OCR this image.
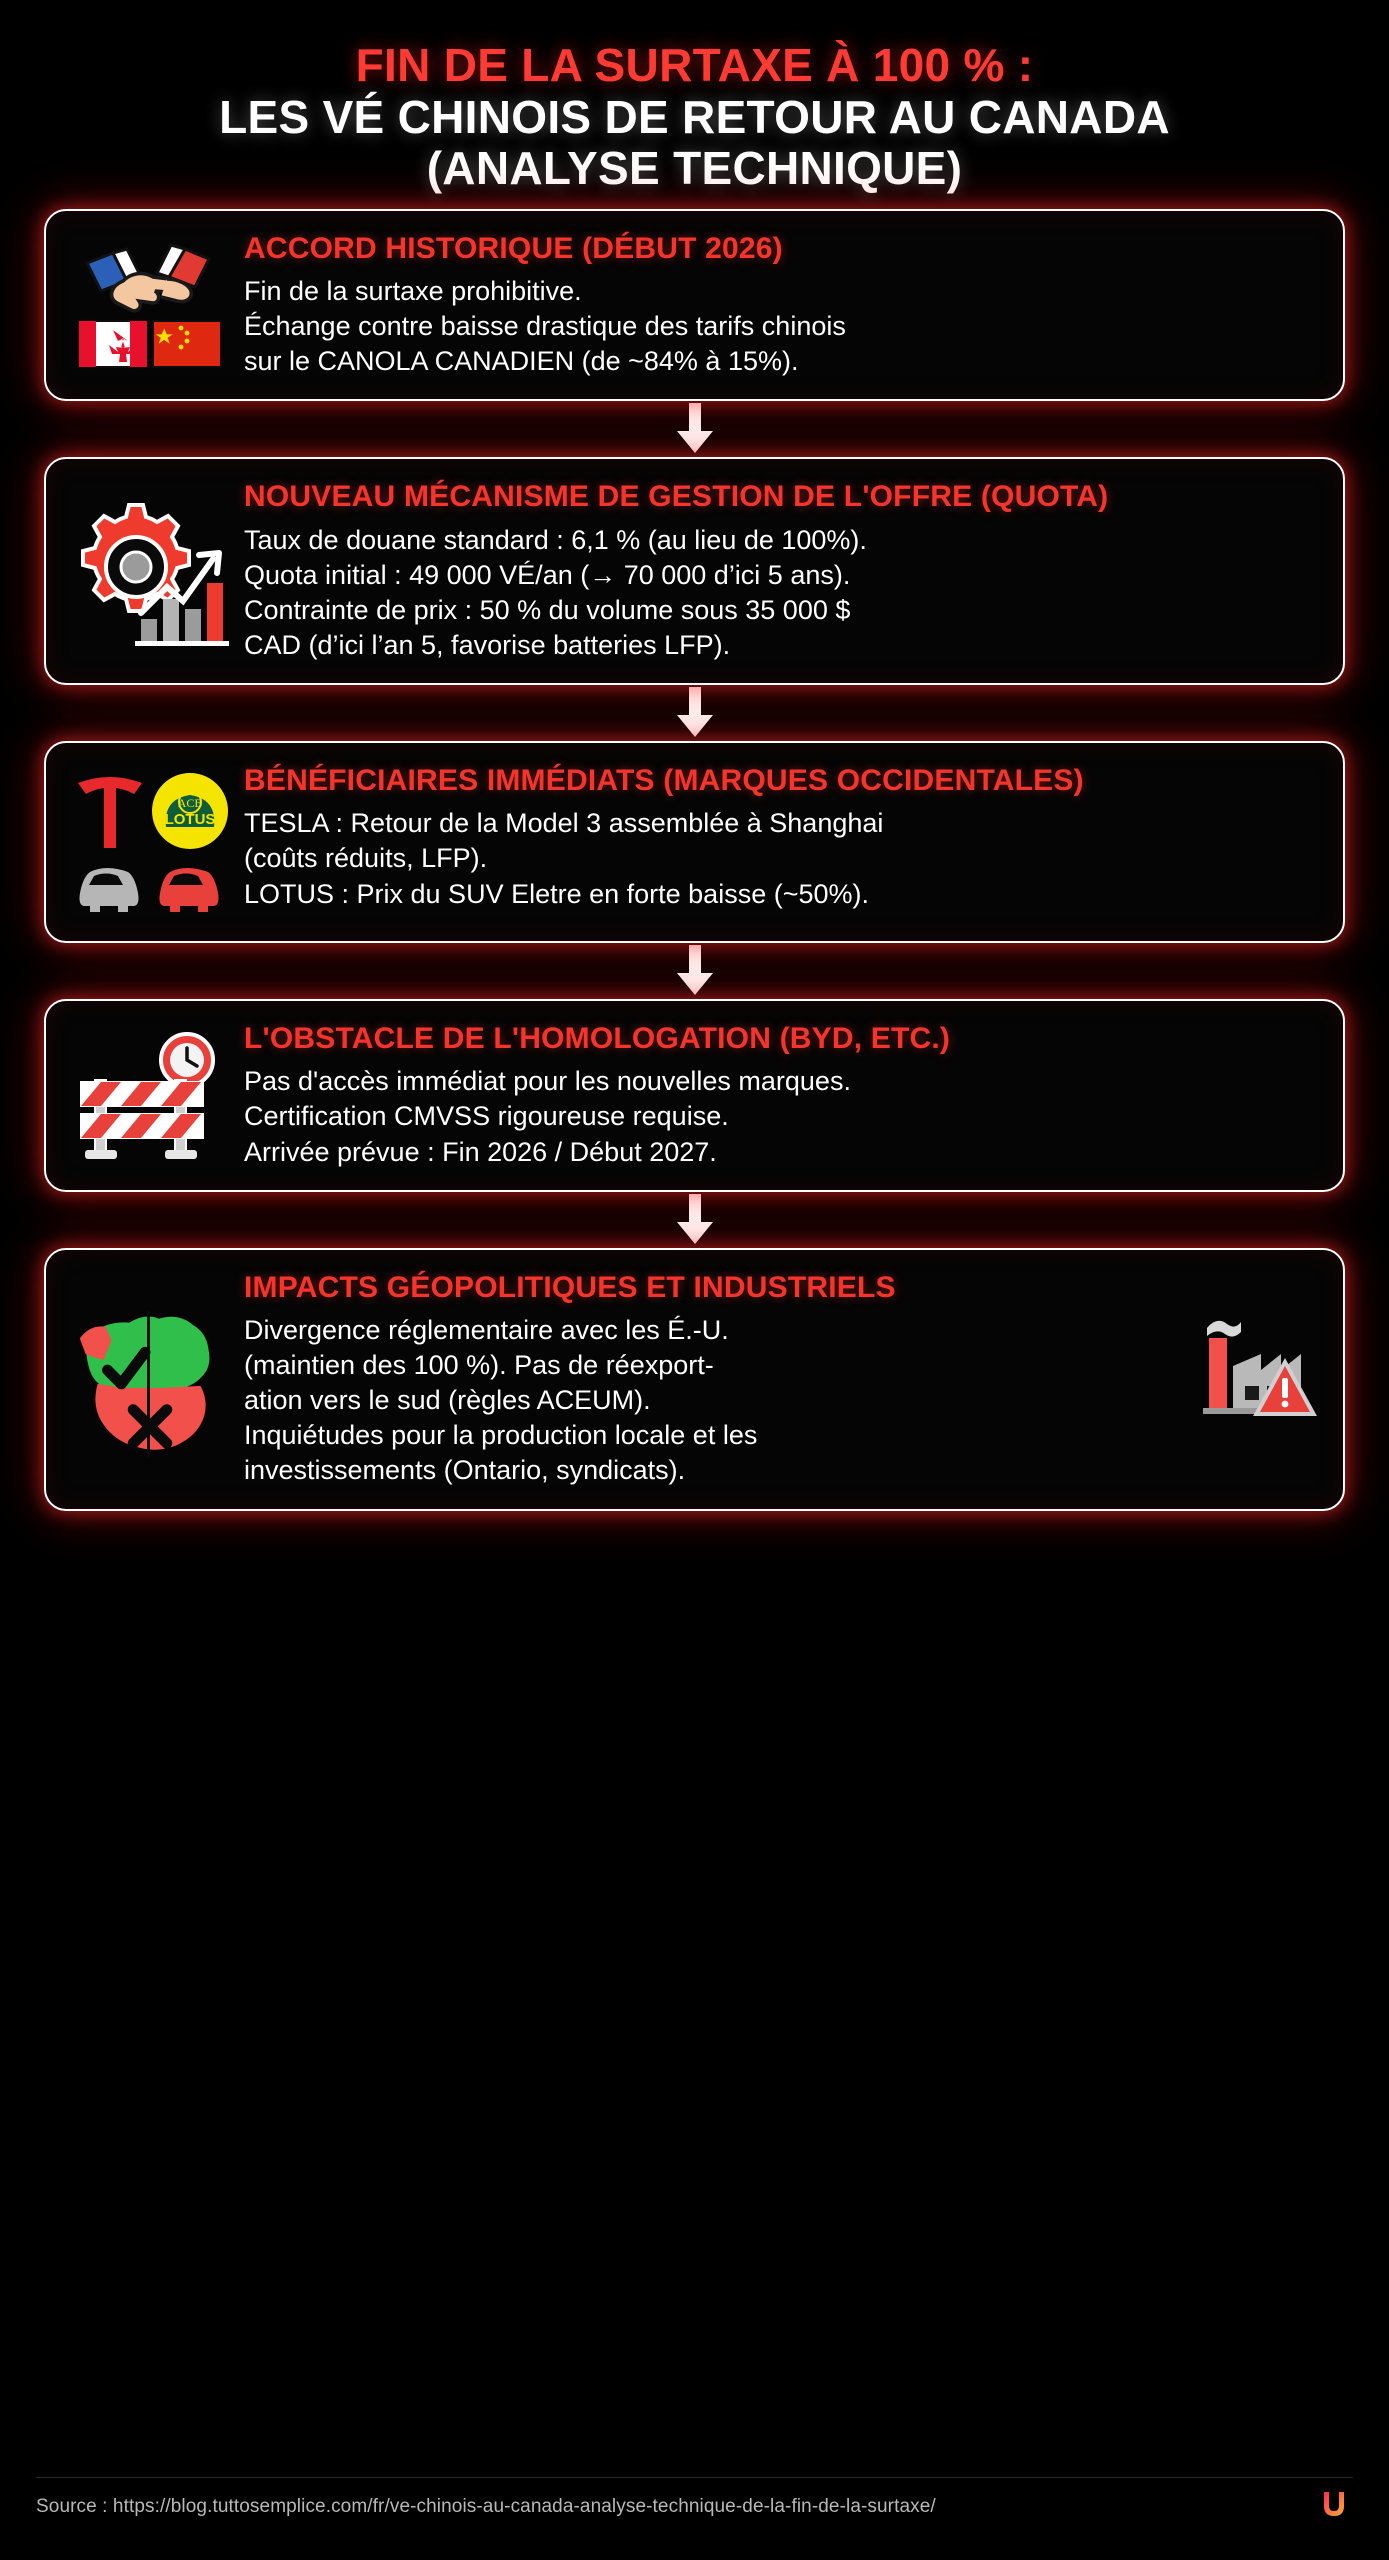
FIN DE LA SURTAXE À 100 % :
LES VÉ CHINOIS DE RETOUR AU CANADA
(ANALYSE TECHNIQUE)
ACCORD HISTORIQUE (DÉBUT 2026)
Fin de la surtaxe prohibitive.
Échange contre baisse drastique des tarifs chinois
sur le CANOLA CANADIEN (de ~84% à 15%).
NOUVEAU MÉCANISME DE GESTION DE L'OFFRE (QUOTA)
Taux de douane standard : 6,1 % (au lieu de 100%).
Quota initial : 49 000 VÉ/an (→ 70 000 d’ici 5 ans).
Contrainte de prix : 50 % du volume sous 35 000 $
CAD (d’ici l’an 5, favorise batteries LFP).
LOTUS
ACB
BÉNÉFICIAIRES IMMÉDIATS (MARQUES OCCIDENTALES)
TESLA : Retour de la Model 3 assemblée à Shanghai
(coûts réduits, LFP).
LOTUS : Prix du SUV Eletre en forte baisse (~50%).
L'OBSTACLE DE L'HOMOLOGATION (BYD, ETC.)
Pas d'accès immédiat pour les nouvelles marques.
Certification CMVSS rigoureuse requise.
Arrivée prévue : Fin 2026 / Début 2027.
IMPACTS GÉOPOLITIQUES ET INDUSTRIELS
Divergence réglementaire avec les É.-U.
(maintien des 100 %). Pas de réexport-
ation vers le sud (règles ACEUM).
Inquiétudes pour la production locale et les
investissements (Ontario, syndicats).
Source : https://blog.tuttosemplice.com/fr/ve-chinois-au-canada-analyse-technique-de-la-fin-de-la-surtaxe/
